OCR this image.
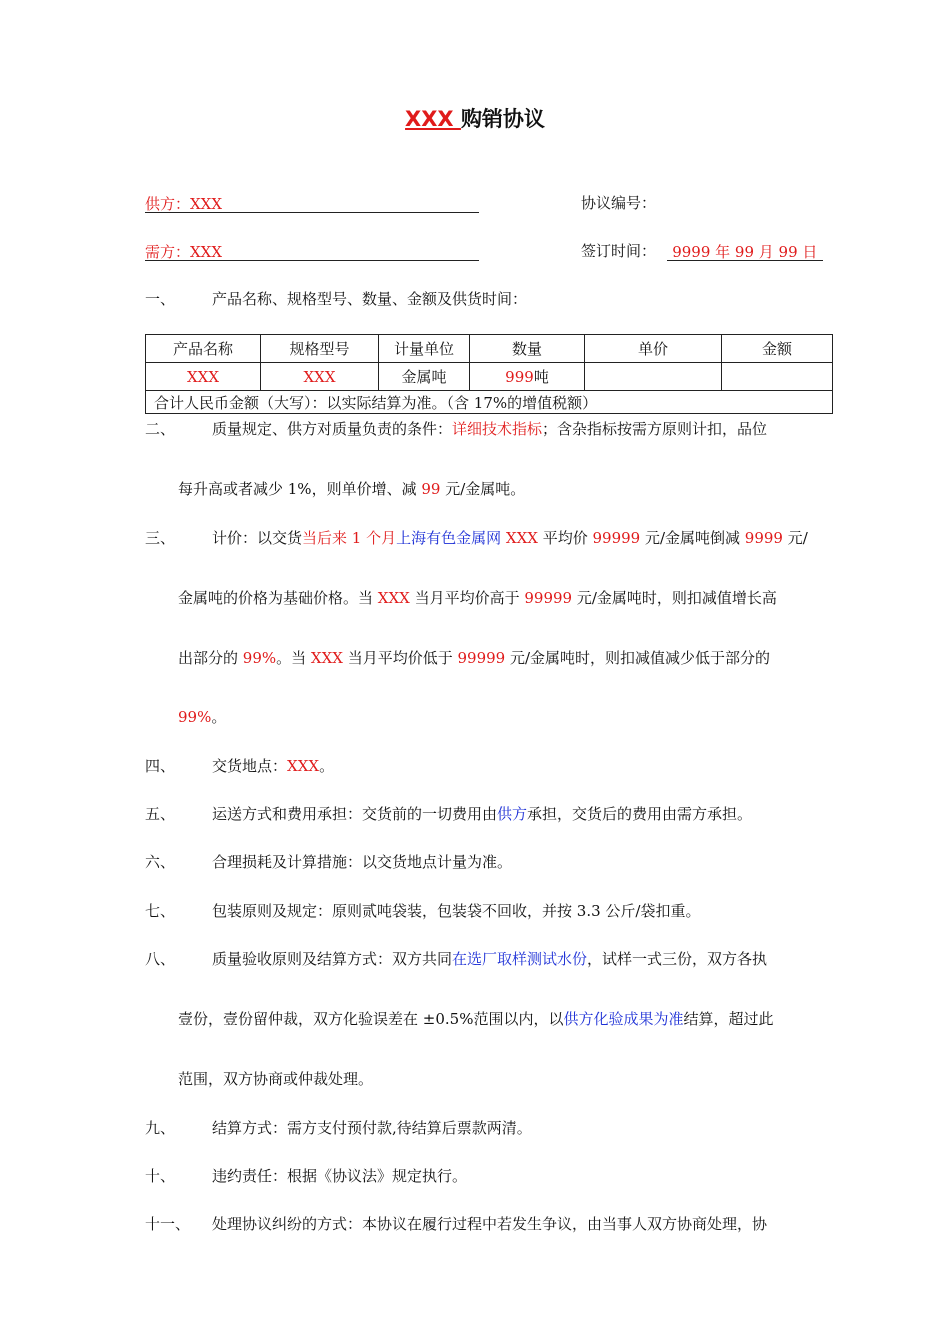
XXX 购销协议
供方：XXX
需方：XXX
协议编号：
签订时间： 9999 年 99 月 99 日
一、 产品名称、规格型号、数量、金额及供货时间：
产品名称	规格型号	计量单位	数量	单价	金额
XXX	XXX	金属吨	999吨		
合计人民币金额（大写）：以实际结算为准。（含 17%的增值税额）					
二、 质量规定、供方对质量负责的条件：详细技术指标；含杂指标按需方原则计扣，品位
每升高或者减少 1%，则单价增、减 99 元/金属吨。
三、 计价：以交货当后来 1 个月上海有色金属网 XXX 平均价 99999 元/金属吨倒减 9999 元/
金属吨的价格为基础价格。当 XXX 当月平均价高于 99999 元/金属吨时，则扣减值增长高
出部分的 99%。当 XXX 当月平均价低于 99999 元/金属吨时，则扣减值减少低于部分的
99%。
四、 交货地点：XXX。
五、 运送方式和费用承担：交货前的一切费用由供方承担，交货后的费用由需方承担。
六、 合理损耗及计算措施：以交货地点计量为准。
七、 包装原则及规定：原则贰吨袋装，包装袋不回收，并按 3.3 公斤/袋扣重。
八、 质量验收原则及结算方式：双方共同在选厂取样测试水份，试样一式三份，双方各执
壹份，壹份留仲裁，双方化验误差在 ±0.5%范围以内，以供方化验成果为准结算，超过此
范围，双方协商或仲裁处理。
九、 结算方式：需方支付预付款,待结算后票款两清。
十、 违约责任：根据《协议法》规定执行。
十一、 处理协议纠纷的方式：本协议在履行过程中若发生争议，由当事人双方协商处理，协
